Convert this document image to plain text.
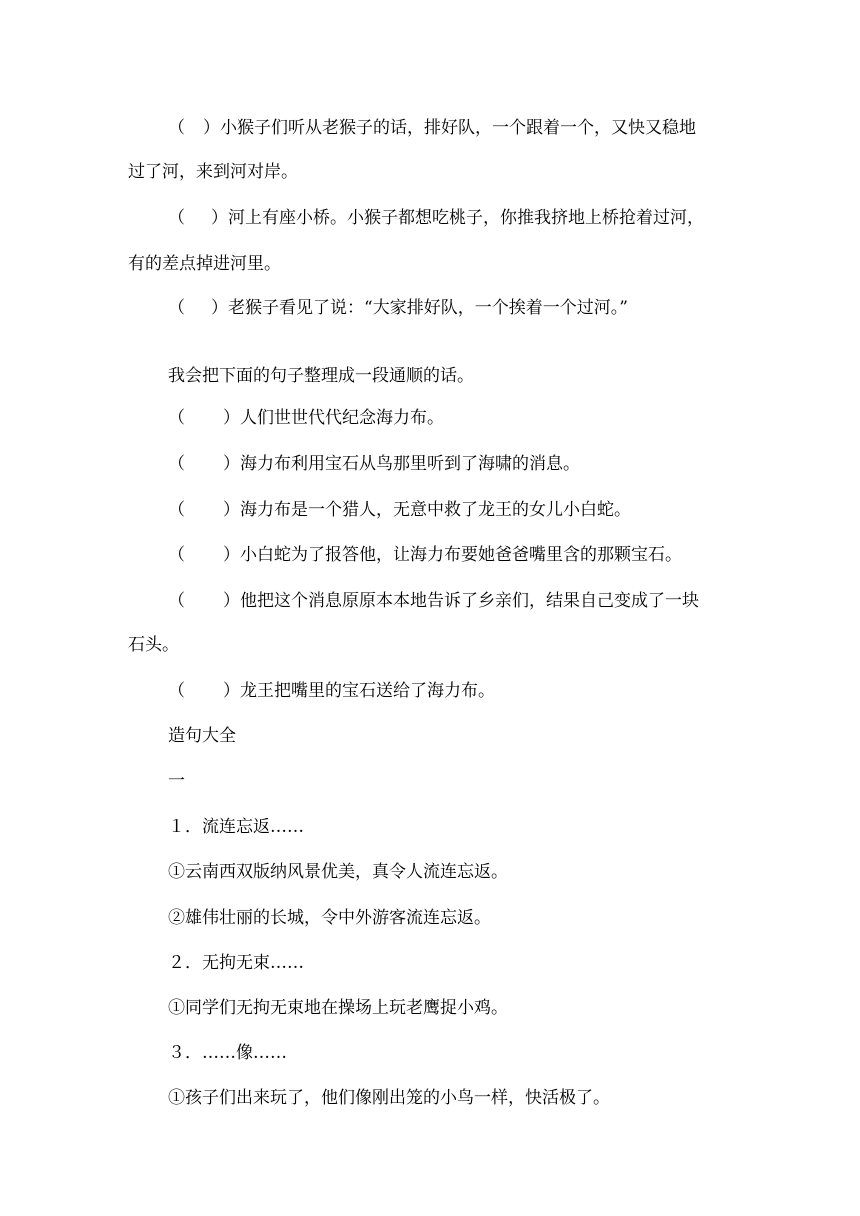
（ ）小猴子们听从老猴子的话，排好队，一个跟着一个，又快又稳地
过了河，来到河对岸。
（ ）河上有座小桥。小猴子都想吃桃子，你推我挤地上桥抢着过河，
有的差点掉进河里。
（ ）老猴子看见了说：“大家排好队，一个挨着一个过河。”
我会把下面的句子整理成一段通顺的话。
（ ）人们世世代代纪念海力布。
（ ）海力布利用宝石从鸟那里听到了海啸的消息。
（ ）海力布是一个猎人，无意中救了龙王的女儿小白蛇。
（ ）小白蛇为了报答他，让海力布要她爸爸嘴里含的那颗宝石。
（ ）他把这个消息原原本本地告诉了乡亲们，结果自己变成了一块
石头。
（ ）龙王把嘴里的宝石送给了海力布。
造句大全
一
１．流连忘返……
①云南西双版纳风景优美，真令人流连忘返。
②雄伟壮丽的长城，令中外游客流连忘返。
２．无拘无束……
①同学们无拘无束地在操场上玩老鹰捉小鸡。
３．……像……
①孩子们出来玩了，他们像刚出笼的小鸟一样，快活极了。
